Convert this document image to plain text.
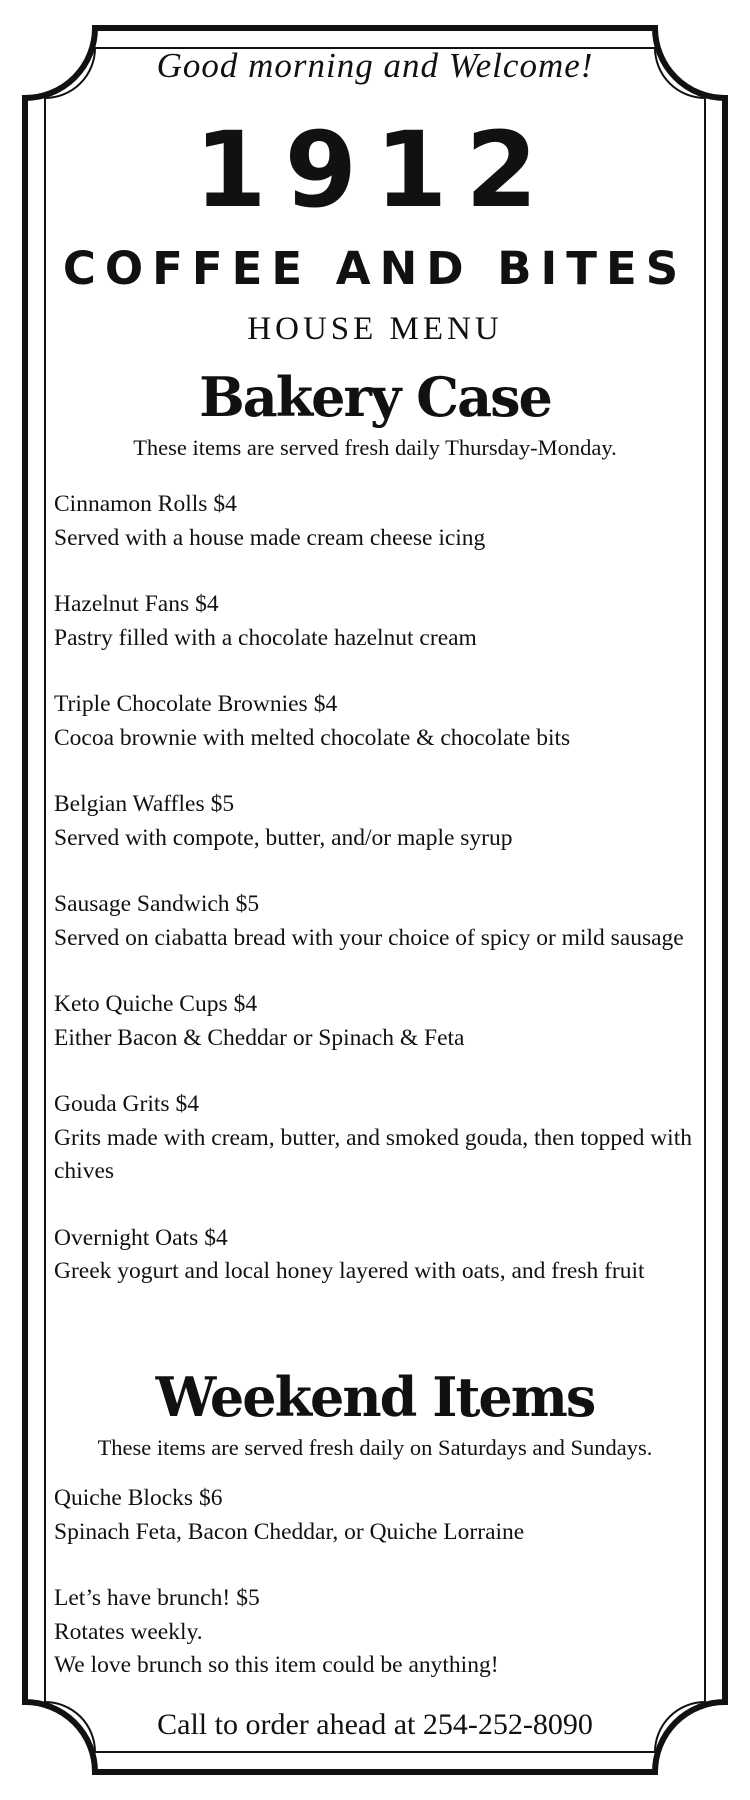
Good morning and Welcome!
1912
COFFEE AND BITES
HOUSE MENU
Bakery Case
These items are served fresh daily Thursday-Monday.
Cinnamon Rolls $4
Served with a house made cream cheese icing
Hazelnut Fans $4
Pastry filled with a chocolate hazelnut cream
Triple Chocolate Brownies $4
Cocoa brownie with melted chocolate & chocolate bits
Belgian Waffles $5
Served with compote, butter, and/or maple syrup
Sausage Sandwich $5
Served on ciabatta bread with your choice of spicy or mild sausage
Keto Quiche Cups $4
Either Bacon & Cheddar or Spinach & Feta
Gouda Grits $4
Grits made with cream, butter, and smoked gouda, then topped with chives
Overnight Oats $4
Greek yogurt and local honey layered with oats, and fresh fruit
Weekend Items
These items are served fresh daily on Saturdays and Sundays.
Quiche Blocks $6
Spinach Feta, Bacon Cheddar, or Quiche Lorraine
Let’s have brunch! $5
Rotates weekly.
We love brunch so this item could be anything!
Call to order ahead at 254-252-8090
